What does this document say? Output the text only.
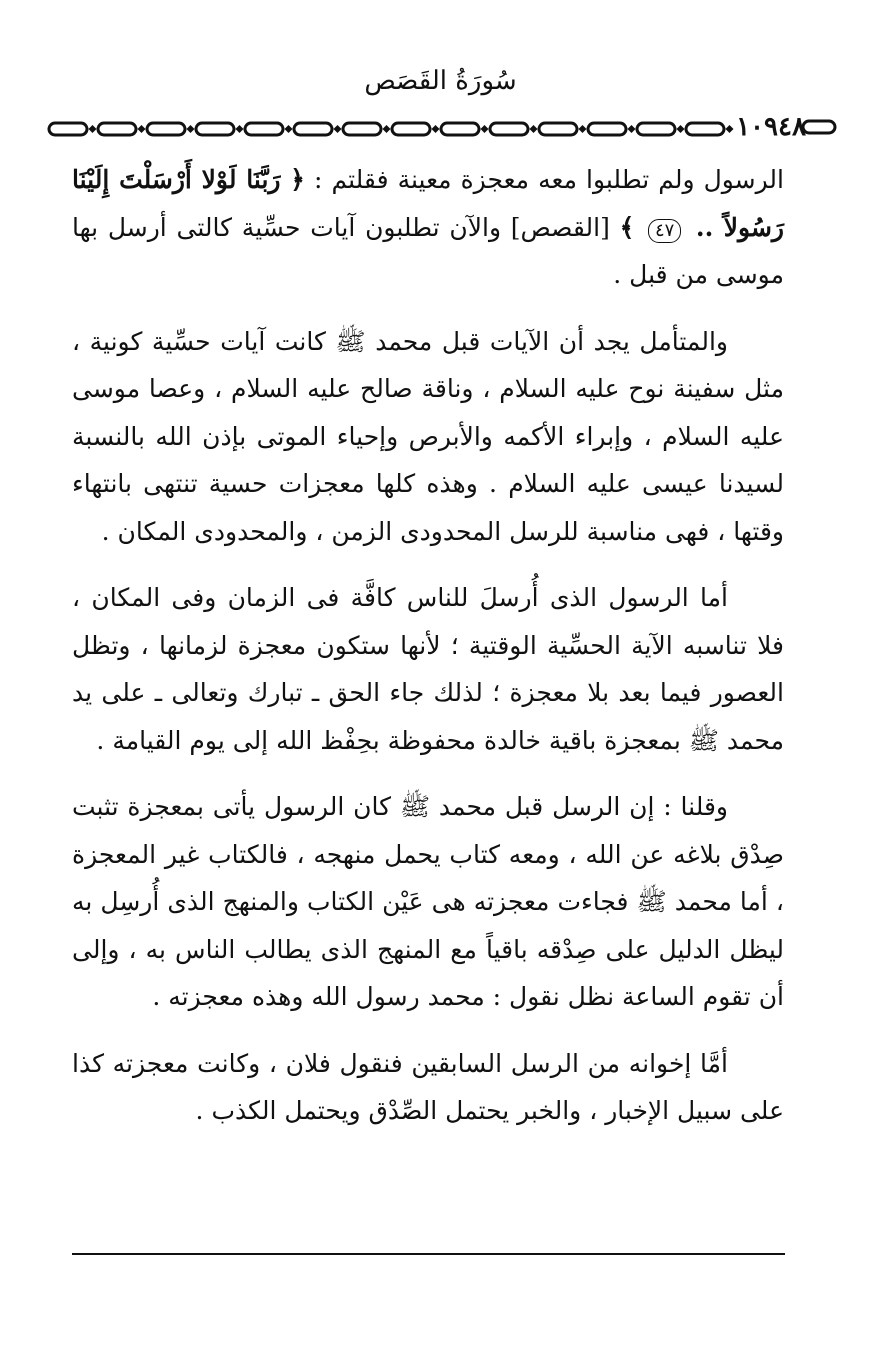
سُورَةُ القَصَص
١٠٩٤٨

الرسول ولم تطلبوا معه معجزة معينة فقلتم : ﴿ رَبَّنَا لَوْلا أَرْسَلْتَ إِلَيْنَا رَسُولاً .. ٤٧ ﴾ [القصص] والآن تطلبون آيات حسِّية كالتى أرسل بها موسى من قبل .

والمتأمل يجد أن الآيات قبل محمد ﷺ كانت آيات حسِّية كونية ، مثل سفينة نوح عليه السلام ، وناقة صالح عليه السلام ، وعصا موسى عليه السلام ، وإبراء الأكمه والأبرص وإحياء الموتى بإذن الله بالنسبة لسيدنا عيسى عليه السلام . وهذه كلها معجزات حسية تنتهى بانتهاء وقتها ، فهى مناسبة للرسل المحدودى الزمن ، والمحدودى المكان .

أما الرسول الذى أُرسلَ للناس كافَّة فى الزمان وفى المكان ، فلا تناسبه الآية الحسِّية الوقتية ؛ لأنها ستكون معجزة لزمانها ، وتظل العصور فيما بعد بلا معجزة ؛ لذلك جاء الحق ـ تبارك وتعالى ـ على يد محمد ﷺ بمعجزة باقية خالدة محفوظة بحِفْظ الله إلى يوم القيامة .

وقلنا : إن الرسل قبل محمد ﷺ كان الرسول يأتى بمعجزة تثبت صِدْق بلاغه عن الله ، ومعه كتاب يحمل منهجه ، فالكتاب غير المعجزة ، أما محمد ﷺ فجاءت معجزته هى عَيْن الكتاب والمنهج الذى أُرسِل به ليظل الدليل على صِدْقه باقياً مع المنهج الذى يطالب الناس به ، وإلى أن تقوم الساعة نظل نقول : محمد رسول الله وهذه معجزته .

أمَّا إخوانه من الرسل السابقين فنقول فلان ، وكانت معجزته كذا على سبيل الإخبار ، والخبر يحتمل الصِّدْق ويحتمل الكذب .
